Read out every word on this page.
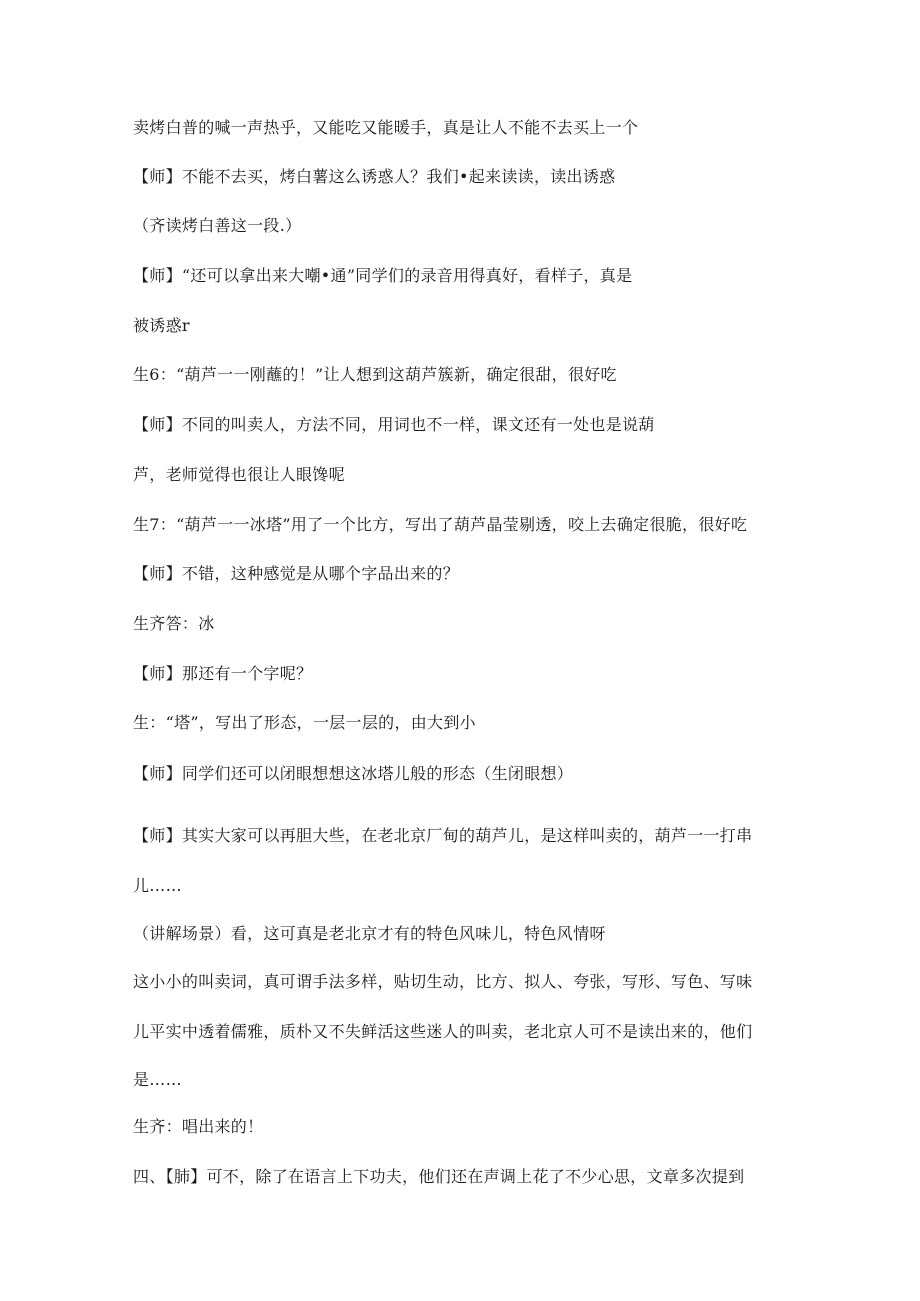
卖烤白普的喊一声热乎，又能吃又能暖手，真是让人不能不去买上一个
【师】不能不去买，烤白薯这么诱惑人？我们•起来读读，读出诱惑
（齐读烤白善这一段.）
【师】“还可以拿出来大嘲•通”同学们的录音用得真好，看样子，真是
被诱惑r
生6：“葫芦一一刚蘸的！”让人想到这葫芦簇新，确定很甜，很好吃
【师】不同的叫卖人，方法不同，用词也不一样，课文还有一处也是说葫
芦，老师觉得也很让人眼馋呢
生7：“葫芦一一冰塔”用了一个比方，写出了葫芦晶莹剔透，咬上去确定很脆，很好吃
【师】不错，这种感觉是从哪个字品出来的？
生齐答：冰
【师】那还有一个字呢？
生：“塔”，写出了形态，一层一层的，由大到小
【师】同学们还可以闭眼想想这冰塔儿般的形态（生闭眼想）
【师】其实大家可以再胆大些，在老北京厂甸的葫芦儿，是这样叫卖的，葫芦一一打串
儿……
（讲解场景）看，这可真是老北京才有的特色风味儿，特色风情呀
这小小的叫卖词，真可谓手法多样，贴切生动，比方、拟人、夸张，写形、写色、写味
儿平实中透着儒雅，质朴又不失鲜活这些迷人的叫卖，老北京人可不是读出来的，他们
是……
生齐：唱出来的！
四、【肺】可不，除了在语言上下功夫，他们还在声调上花了不少心思，文章多次提到
